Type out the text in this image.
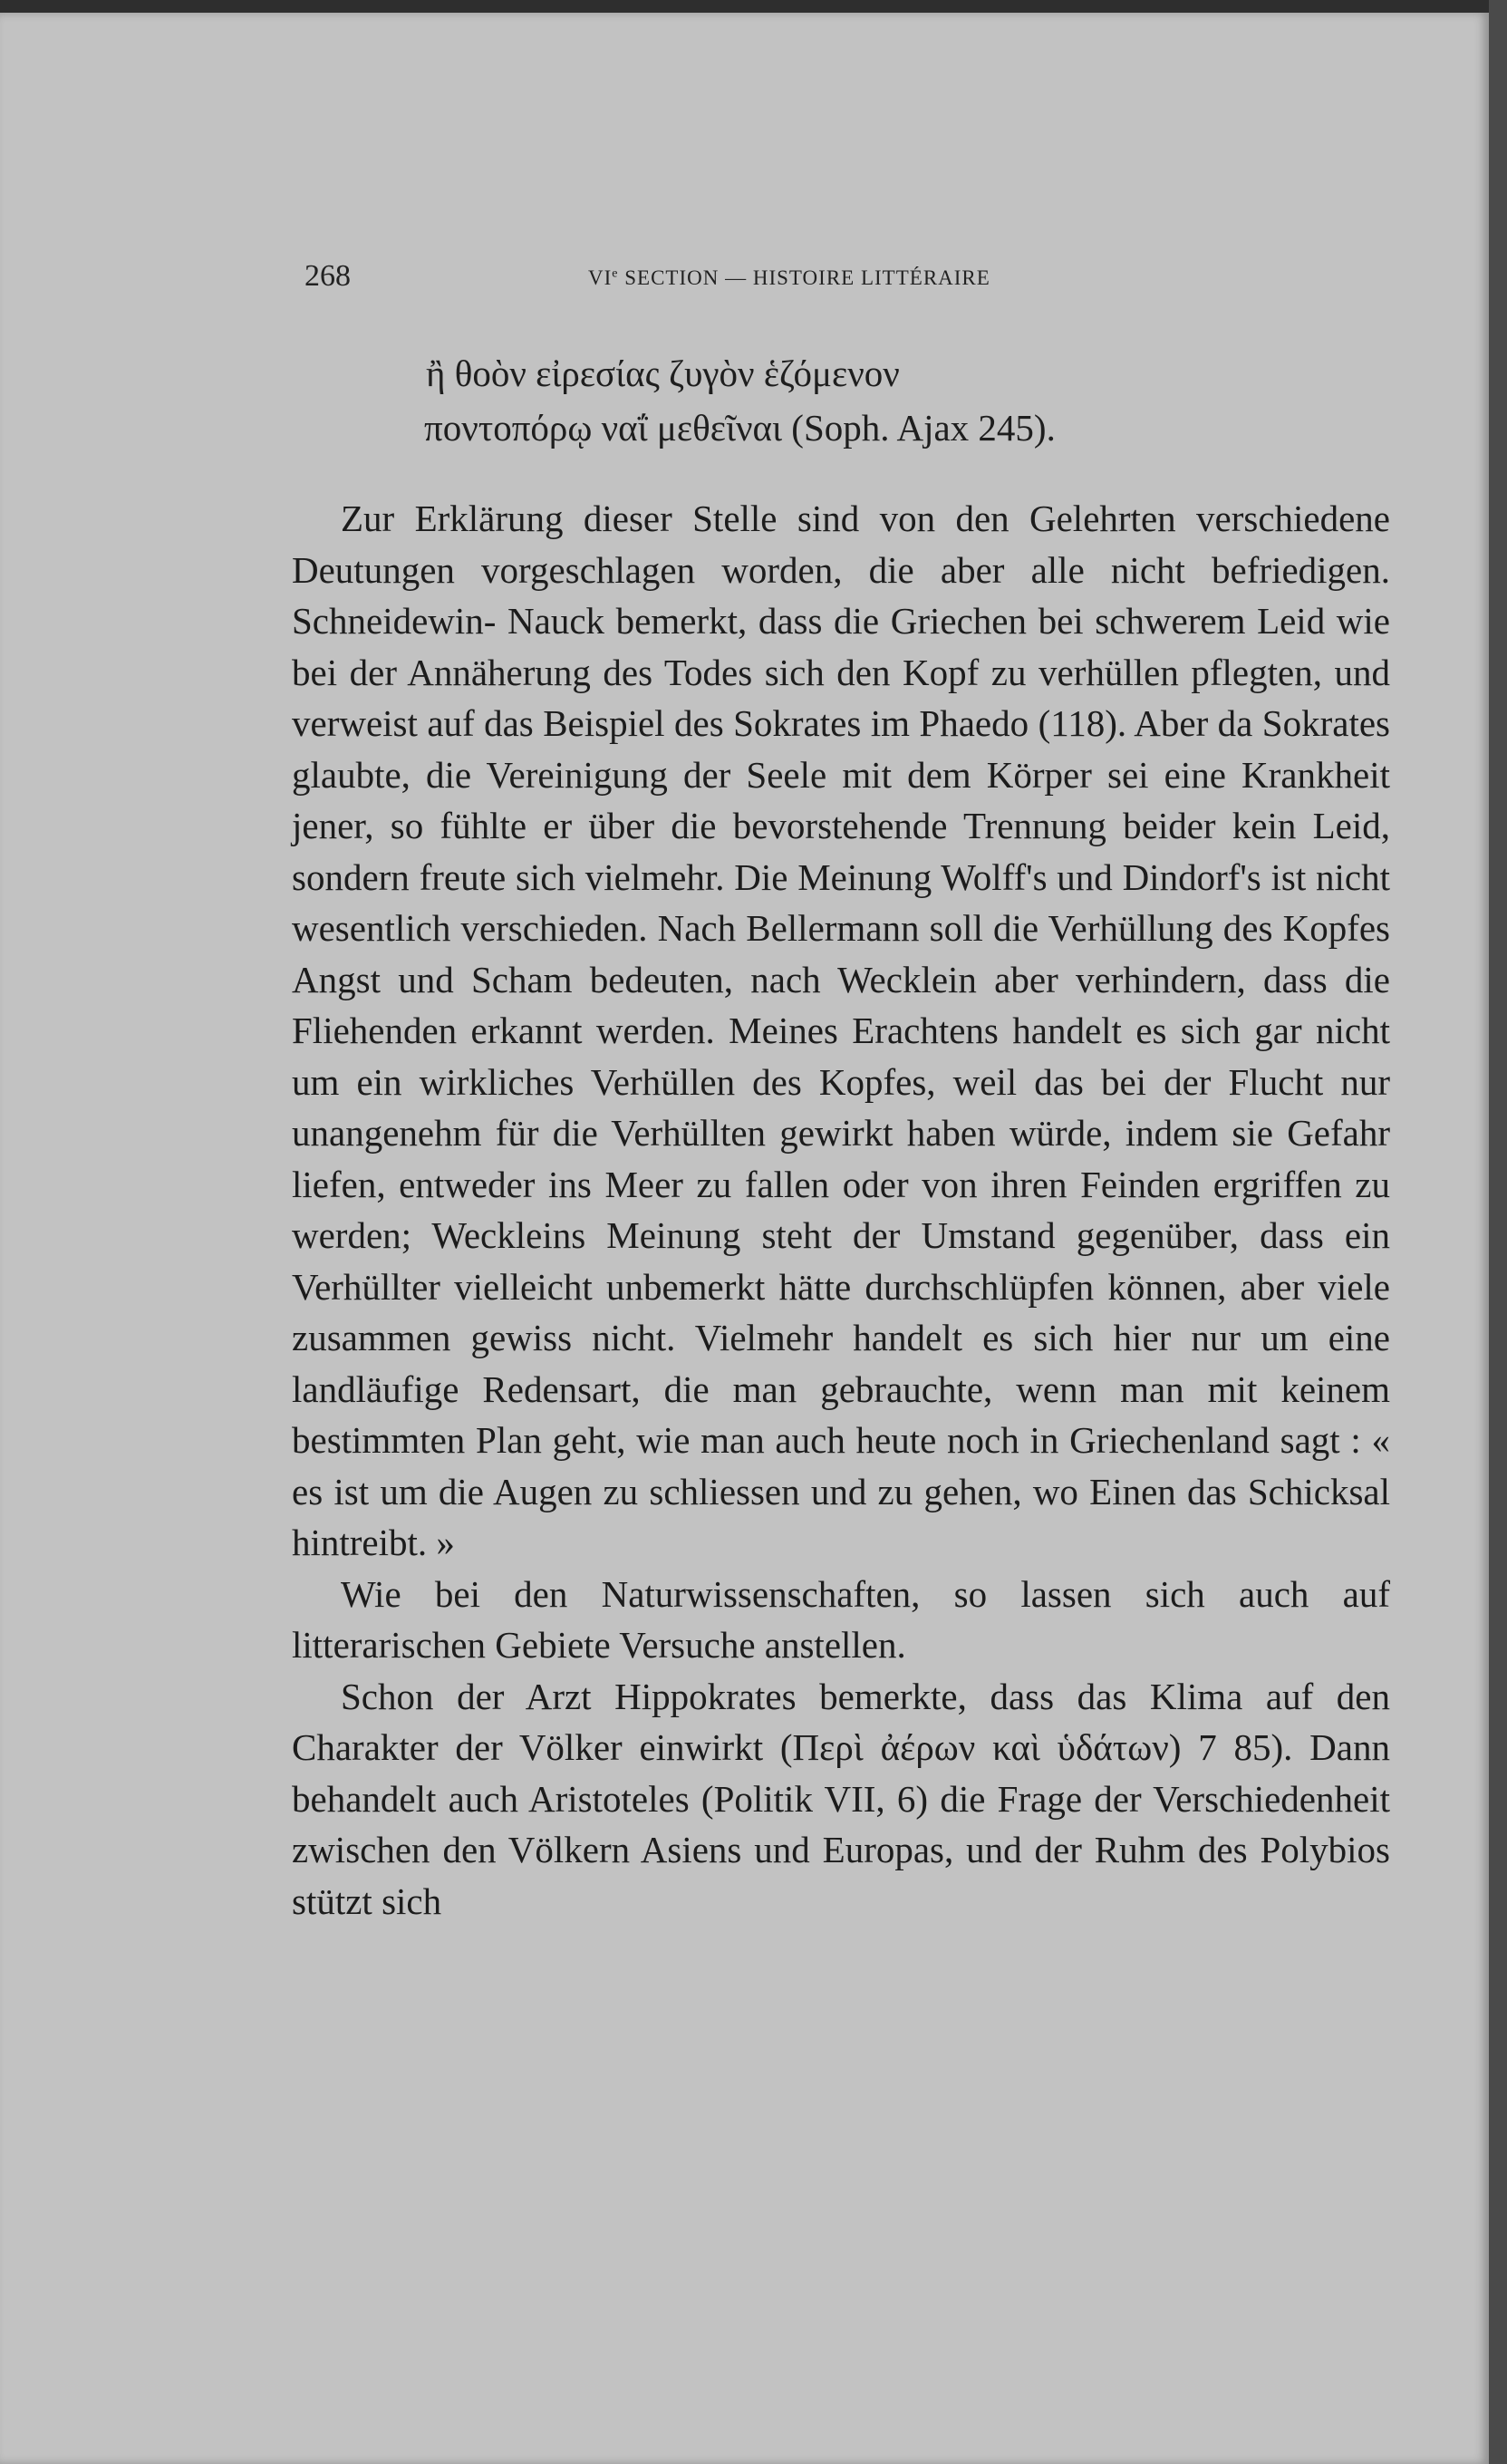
268	VIe SECTION — HISTOIRE LITTÉRAIRE
ἢ θοὸν εἰρεσίας ζυγὸν ἑζόμενον
ποντοπόρῳ ναΐ μεθεῖναι (Soph. Ajax 245).

Zur Erklärung dieser Stelle sind von den Gelehrten verschiedene Deutungen vorgeschlagen worden, die aber alle nicht befriedigen. Schneidewin- Nauck bemerkt, dass die Griechen bei schwerem Leid wie bei der Annäherung des Todes sich den Kopf zu verhüllen pflegten, und verweist auf das Beispiel des Sokrates im Phaedo (118). Aber da Sokrates glaubte, die Vereinigung der Seele mit dem Körper sei eine Krankheit jener, so fühlte er über die bevorstehende Trennung beider kein Leid, sondern freute sich vielmehr. Die Meinung Wolff's und Dindorf's ist nicht wesentlich verschieden. Nach Bellermann soll die Verhüllung des Kopfes Angst und Scham bedeuten, nach Wecklein aber verhindern, dass die Fliehenden erkannt werden. Meines Erachtens handelt es sich gar nicht um ein wirkliches Verhüllen des Kopfes, weil das bei der Flucht nur unangenehm für die Verhüllten gewirkt haben würde, indem sie Gefahr liefen, entweder ins Meer zu fallen oder von ihren Feinden ergriffen zu werden; Weckleins Meinung steht der Umstand gegenüber, dass ein Verhüllter vielleicht unbemerkt hätte durchschlüpfen können, aber viele zusammen gewiss nicht. Vielmehr handelt es sich hier nur um eine landläufige Redensart, die man gebrauchte, wenn man mit keinem bestimmten Plan geht, wie man auch heute noch in Griechenland sagt : « es ist um die Augen zu schliessen und zu gehen, wo Einen das Schicksal hintreibt. »

Wie bei den Naturwissenschaften, so lassen sich auch auf litterarischen Gebiete Versuche anstellen.

Schon der Arzt Hippokrates bemerkte, dass das Klima auf den Charakter der Völker einwirkt (Περὶ ἀέρων καὶ ὑδάτων) 7 85). Dann behandelt auch Aristoteles (Politik VII, 6) die Frage der Verschiedenheit zwischen den Völkern Asiens und Europas, und der Ruhm des Polybios stützt sich
